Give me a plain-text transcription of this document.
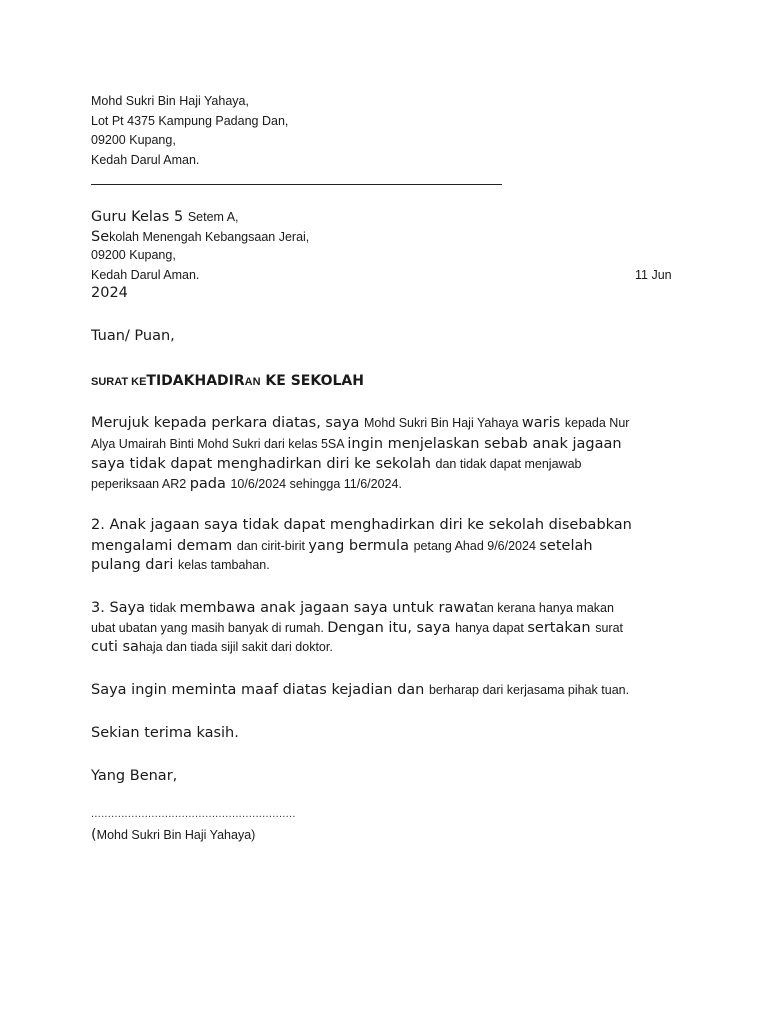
Mohd Sukri Bin Haji Yahaya,
Lot Pt 4375 Kampung Padang Dan,
09200 Kupang,
Kedah Darul Aman.
Guru Kelas 5 Setem A,
Sekolah Menengah Kebangsaan Jerai,
09200 Kupang,
Kedah Darul Aman.	11 Jun
2024
Tuan/ Puan,
SURAT KETIDAKHADIRAN KE SEKOLAH
Merujuk kepada perkara diatas, saya Mohd Sukri Bin Haji Yahaya waris kepada Nur
Alya Umairah Binti Mohd Sukri dari kelas 5SA ingin menjelaskan sebab anak jagaan
saya tidak dapat menghadirkan diri ke sekolah dan tidak dapat menjawab
peperiksaan AR2 pada 10/6/2024 sehingga 11/6/2024.
2. Anak jagaan saya tidak dapat menghadirkan diri ke sekolah disebabkan
mengalami demam dan cirit-birit yang bermula petang Ahad 9/6/2024 setelah
pulang dari kelas tambahan.
3. Saya tidak membawa anak jagaan saya untuk rawatan kerana hanya makan
ubat ubatan yang masih banyak di rumah. Dengan itu, saya hanya dapat sertakan surat
cuti sahaja dan tiada sijil sakit dari doktor.
Saya ingin meminta maaf diatas kejadian dan berharap dari kerjasama pihak tuan.
Sekian terima kasih.
Yang Benar,
.............................................................
(Mohd Sukri Bin Haji Yahaya)
